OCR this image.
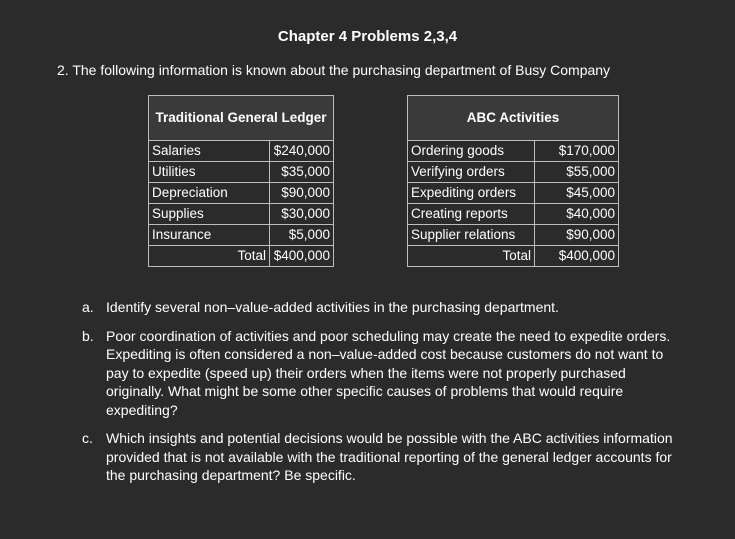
Chapter 4 Problems 2,3,4
2. The following information is known about the purchasing department of Busy Company
Traditional General Ledger	
Salaries	$240,000
Utilities	$35,000
Depreciation	$90,000
Supplies	$30,000
Insurance	$5,000
Total	$400,000
ABC Activities	
Ordering goods	$170,000
Verifying orders	$55,000
Expediting orders	$45,000
Creating reports	$40,000
Supplier relations	$90,000
Total	$400,000
a. Identify several non–value-added activities in the purchasing department.
b. Poor coordination of activities and poor scheduling may create the need to expedite orders. Expediting is often considered a non–value-added cost because customers do not want to pay to expedite (speed up) their orders when the items were not properly purchased originally. What might be some other specific causes of problems that would require expediting?
c. Which insights and potential decisions would be possible with the ABC activities information provided that is not available with the traditional reporting of the general ledger accounts for the purchasing department? Be specific.
